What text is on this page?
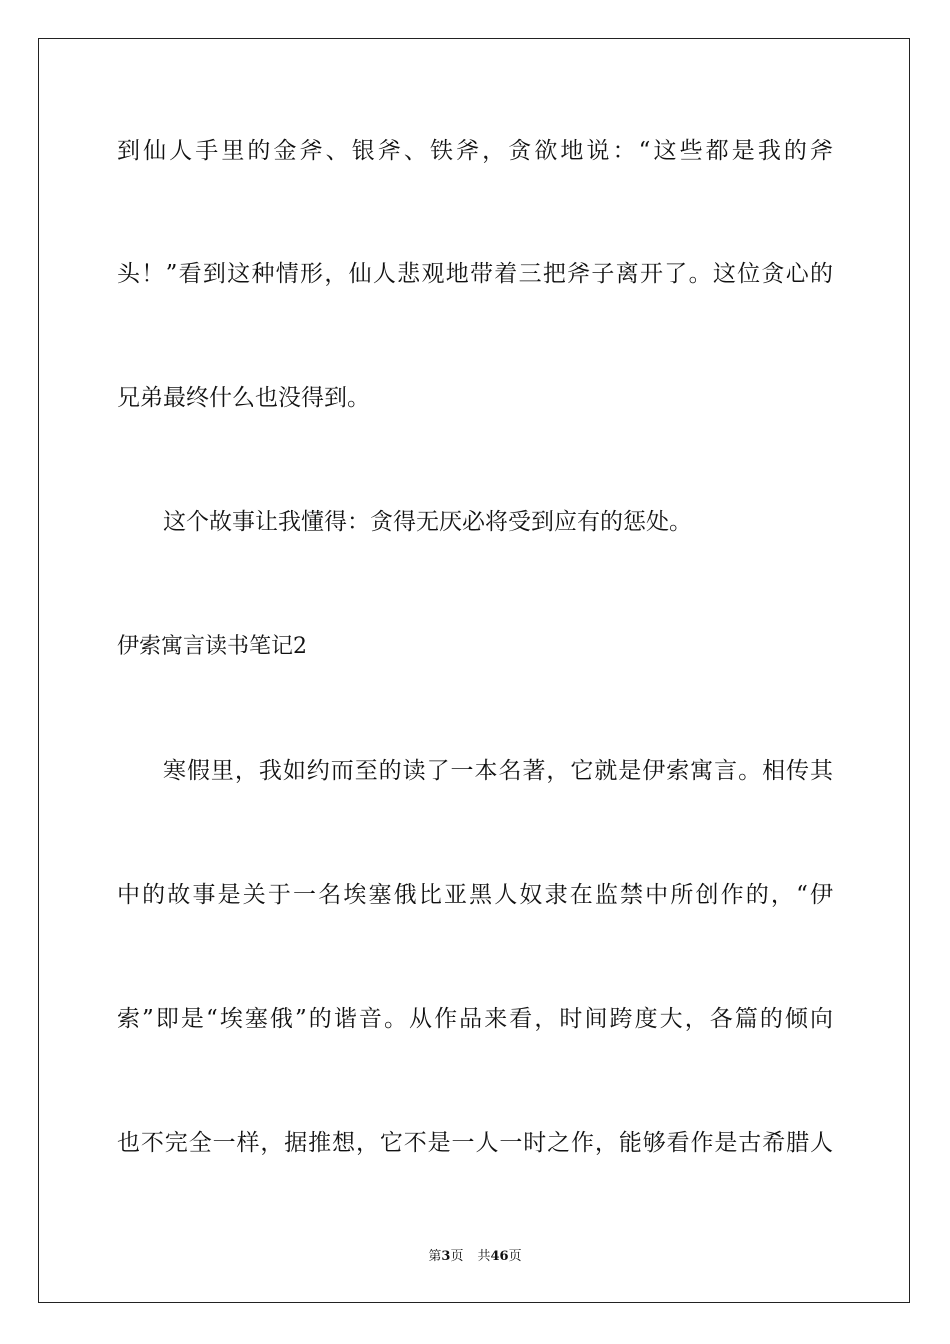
到仙人手里的金斧、银斧、铁斧，贪欲地说：“这些都是我的斧
头！”看到这种情形，仙人悲观地带着三把斧子离开了。这位贪心的
兄弟最终什么也没得到。
这个故事让我懂得：贪得无厌必将受到应有的惩处。
伊索寓言读书笔记2
寒假里，我如约而至的读了一本名著，它就是伊索寓言。相传其
中的故事是关于一名埃塞俄比亚黑人奴隶在监禁中所创作的，“伊
索”即是“埃塞俄”的谐音。从作品来看，时间跨度大，各篇的倾向
也不完全一样，据推想，它不是一人一时之作，能够看作是古希腊人
第3页 共46页
